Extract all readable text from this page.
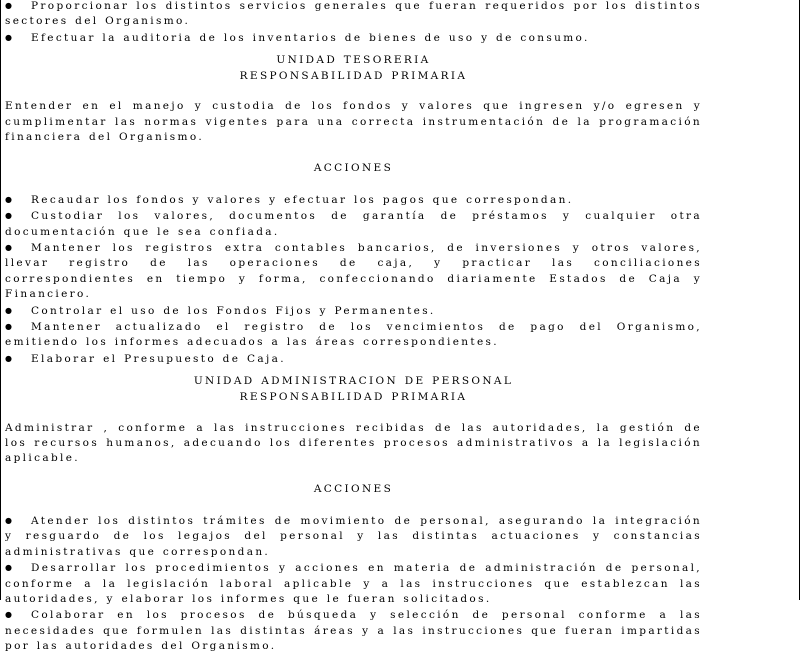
● Proporcionar los distintos servicios generales que fueran requeridos por los distintos sectores del Organismo.

● Efectuar la auditoria de los inventarios de bienes de uso y de consumo.

UNIDAD TESORERIA

RESPONSABILIDAD PRIMARIA

Entender en el manejo y custodia de los fondos y valores que ingresen y/o egresen y cumplimentar las normas vigentes para una correcta instrumentación de la programación financiera del Organismo.

ACCIONES

● Recaudar los fondos y valores y efectuar los pagos que correspondan.

● Custodiar los valores, documentos de garantía de préstamos y cualquier otra documentación que le sea confiada.

● Mantener los registros extra contables bancarios, de inversiones y otros valores, llevar registro de las operaciones de caja, y practicar las conciliaciones correspondientes en tiempo y forma, confeccionando diariamente Estados de Caja y Financiero.

● Controlar el uso de los Fondos Fijos y Permanentes.

● Mantener actualizado el registro de los vencimientos de pago del Organismo, emitiendo los informes adecuados a las áreas correspondientes.

● Elaborar el Presupuesto de Caja.

UNIDAD ADMINISTRACION DE PERSONAL

RESPONSABILIDAD PRIMARIA

Administrar , conforme a las instrucciones recibidas de las autoridades, la gestión de los recursos humanos, adecuando los diferentes procesos administrativos a la legislación aplicable.

ACCIONES

● Atender los distintos trámites de movimiento de personal, asegurando la integración y resguardo de los legajos del personal y las distintas actuaciones y constancias administrativas que correspondan.

● Desarrollar los procedimientos y acciones en materia de administración de personal, conforme a la legislación laboral aplicable y a las instrucciones que establezcan las autoridades, y elaborar los informes que le fueran solicitados.

● Colaborar en los procesos de búsqueda y selección de personal conforme a las necesidades que formulen las distintas áreas y a las instrucciones que fueran impartidas por las autoridades del Organismo.
